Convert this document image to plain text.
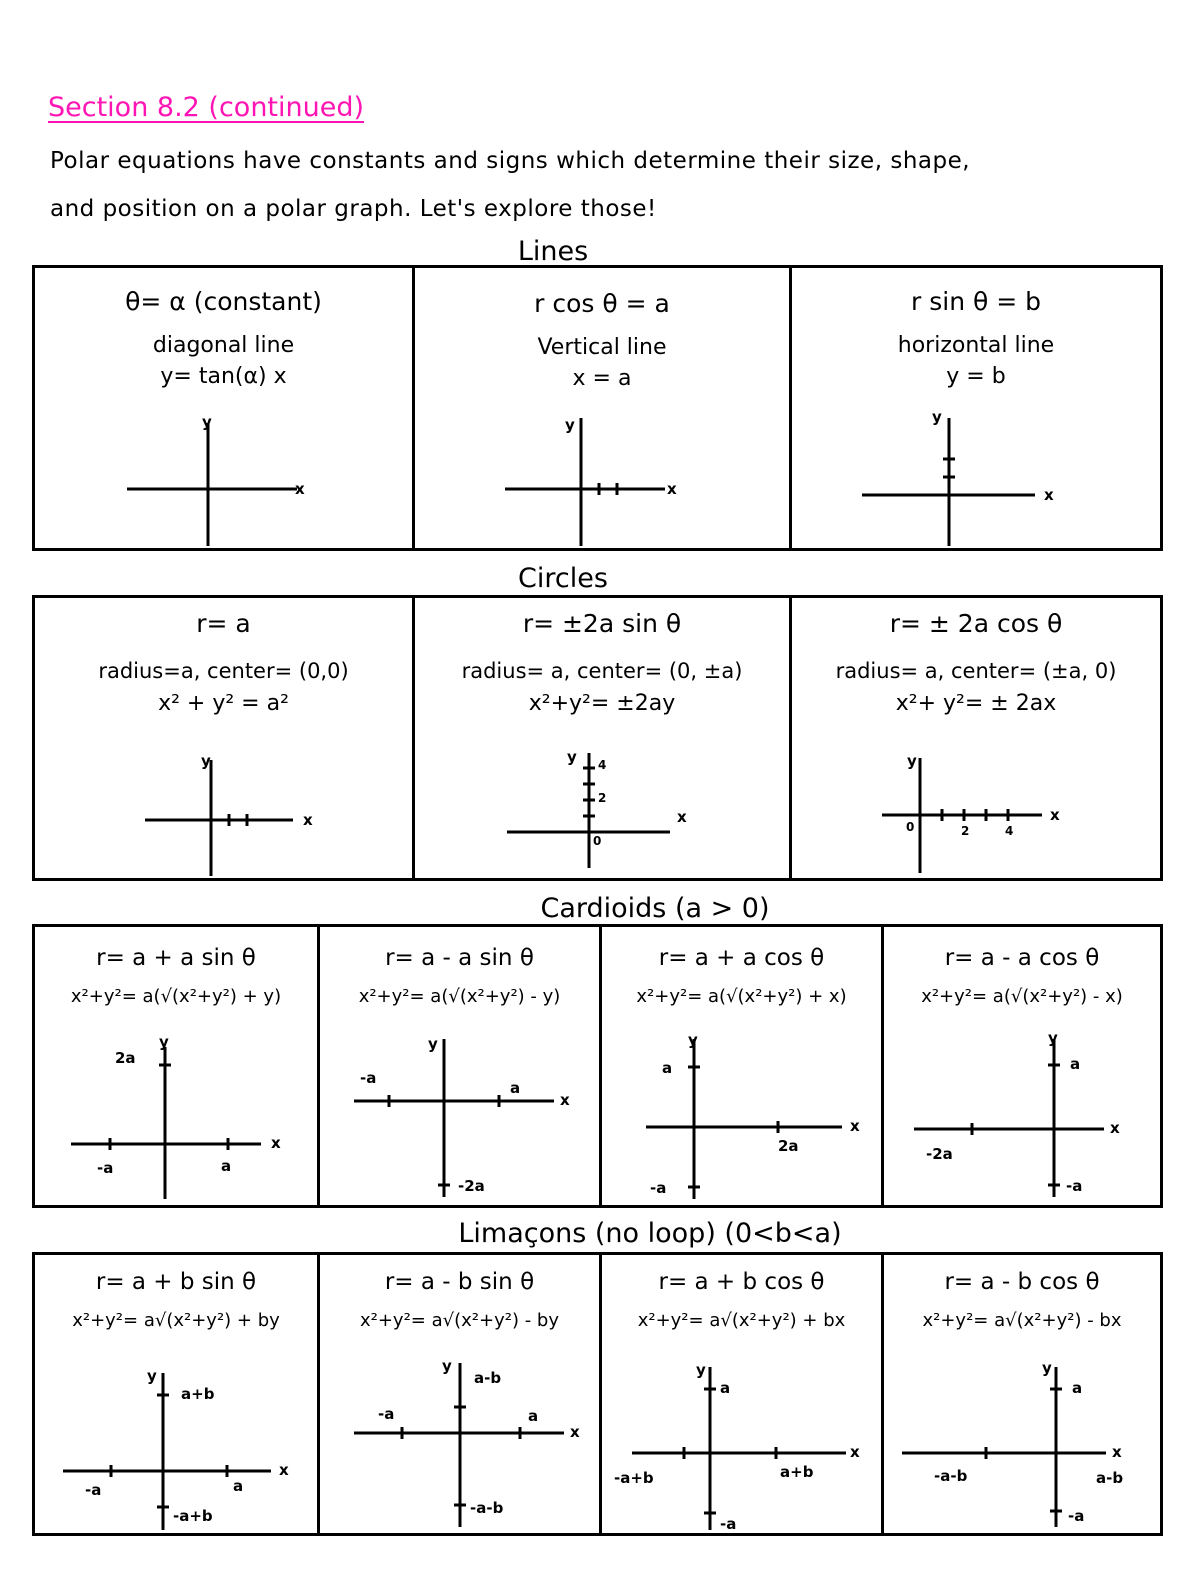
Section 8.2 (continued)
Polar equations have constants and signs which determine their size, shape,
and position on a polar graph. Let's explore those!
Lines
θ= α (constant)
diagonal line
y= tan(α) x
x
y
r cos θ = a
Vertical line
x = a
x
y
r sin θ = b
horizontal line
y = b
x
y
Circles
r= a
radius=a, center= (0,0)
x² + y² = a²
x
y
r= ±2a sin θ
radius= a, center= (0, ±a)
x²+y²= ±2ay
x
y
2
4
0
r= ± 2a cos θ
radius= a, center= (±a, 0)
x²+ y²= ± 2ax
x
y
0	2	4
Cardioids (a > 0)
r= a + a sin θ
x²+y²= a(√(x²+y²) + y)
x
y
2a
-a	a
r= a - a sin θ
x²+y²= a(√(x²+y²) - y)
x
y
-a
a
-2a
r= a + a cos θ
x²+y²= a(√(x²+y²) + x)
x
y
a
2a
-a
r= a - a cos θ
x²+y²= a(√(x²+y²) - x)
x
y
a
-2a
-a
Limaçons (no loop) (0<b<a)
r= a + b sin θ
x²+y²= a√(x²+y²) + by
x
y
a+b
-a	a
-a+b
r= a - b sin θ
x²+y²= a√(x²+y²) - by
x
y
a-b
-a	a
-a-b
r= a + b cos θ
x²+y²= a√(x²+y²) + bx
x
y
a
-a+b	a+b
-a
r= a - b cos θ
x²+y²= a√(x²+y²) - bx
x
y
a
-a-b	a-b
-a
